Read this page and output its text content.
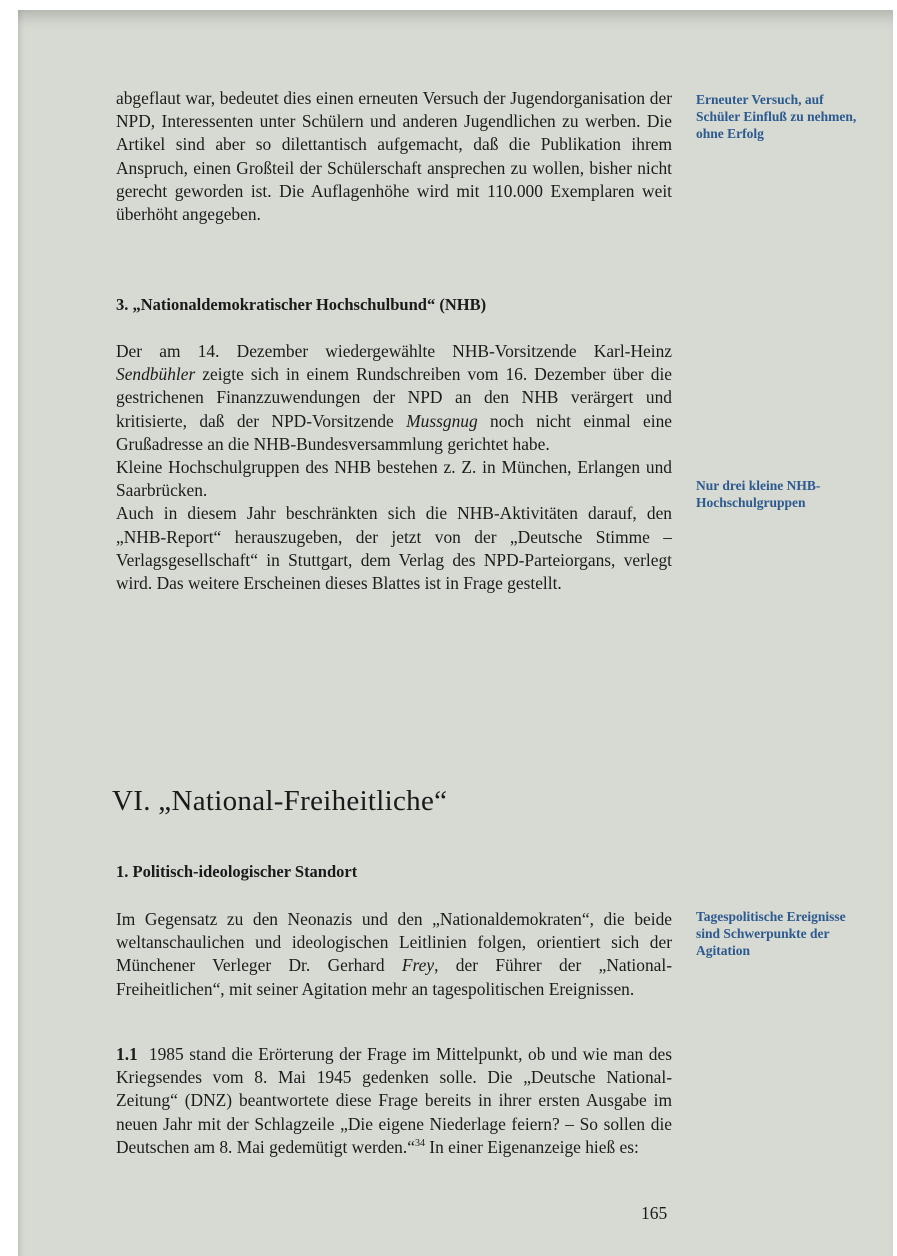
abgeflaut war, bedeutet dies einen erneuten Versuch der Jugendorganisation der NPD, Interessenten unter Schülern und anderen Jugendlichen zu werben. Die Artikel sind aber so dilettantisch aufgemacht, daß die Publikation ihrem Anspruch, einen Großteil der Schülerschaft ansprechen zu wollen, bisher nicht gerecht geworden ist. Die Auflagenhöhe wird mit 110.000 Exemplaren weit überhöht angegeben.

Erneuter Versuch, auf Schüler Einfluß zu nehmen, ohne Erfolg

3. „Nationaldemokratischer Hochschulbund“ (NHB)

Der am 14. Dezember wiedergewählte NHB-Vorsitzende Karl-Heinz Sendbühler zeigte sich in einem Rundschreiben vom 16. Dezember über die gestrichenen Finanzzuwendungen der NPD an den NHB verärgert und kritisierte, daß der NPD-Vorsitzende Mussgnug noch nicht einmal eine Grußadresse an die NHB-Bundesversammlung gerichtet habe.

Kleine Hochschulgruppen des NHB bestehen z. Z. in München, Erlangen und Saarbrücken.

Auch in diesem Jahr beschränkten sich die NHB-Aktivitäten darauf, den „NHB-Report“ herauszugeben, der jetzt von der „Deutsche Stimme – Verlagsgesellschaft“ in Stuttgart, dem Verlag des NPD-Parteiorgans, verlegt wird. Das weitere Erscheinen dieses Blattes ist in Frage gestellt.

Nur drei kleine NHB-Hochschulgruppen

VI. „National-Freiheitliche“

1. Politisch-ideologischer Standort

Im Gegensatz zu den Neonazis und den „Nationaldemokraten“, die beide weltanschaulichen und ideologischen Leitlinien folgen, orientiert sich der Münchener Verleger Dr. Gerhard Frey, der Führer der „National-Freiheitlichen“, mit seiner Agitation mehr an tagespolitischen Ereignissen.

Tagespolitische Ereignisse sind Schwerpunkte der Agitation

1.1 1985 stand die Erörterung der Frage im Mittelpunkt, ob und wie man des Kriegsendes vom 8. Mai 1945 gedenken solle. Die „Deutsche National-Zeitung“ (DNZ) beantwortete diese Frage bereits in ihrer ersten Ausgabe im neuen Jahr mit der Schlagzeile „Die eigene Niederlage feiern? – So sollen die Deutschen am 8. Mai gedemütigt werden.“$^{34}$ In einer Eigenanzeige hieß es:

165
